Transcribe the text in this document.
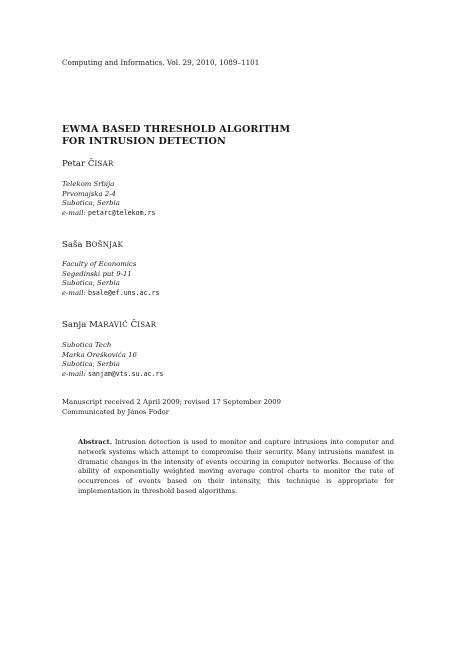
Computing and Informatics, Vol. 29, 2010, 1089–1101
EWMA BASED THRESHOLD ALGORITHM
FOR INTRUSION DETECTION
Petar ČISAR
Telekom Srbija
Prvomajska 2-4
Subotica, Serbia
e-mail: petarc@telekom.rs
Saša BOŠNJAK
Faculty of Economics
Segedinski put 9-11
Subotica, Serbia
e-mail: bsale@ef.uns.ac.rs
Sanja MARAVIĆ ČISAR
Subotica Tech
Marka Oreškovića 16
Subotica, Serbia
e-mail: sanjam@vts.su.ac.rs
Manuscript received 2 April 2009; revised 17 September 2009
Communicated by János Fodor
Abstract. Intrusion detection is used to monitor and capture intrusions into computer and network systems which attempt to compromise their security. Many intrusions manifest in dramatic changes in the intensity of events occuring in computer networks. Because of the ability of exponentially weighted moving average control charts to monitor the rate of occurrences of events based on their intensity, this technique is appropriate for implementation in threshold based algorithms.
